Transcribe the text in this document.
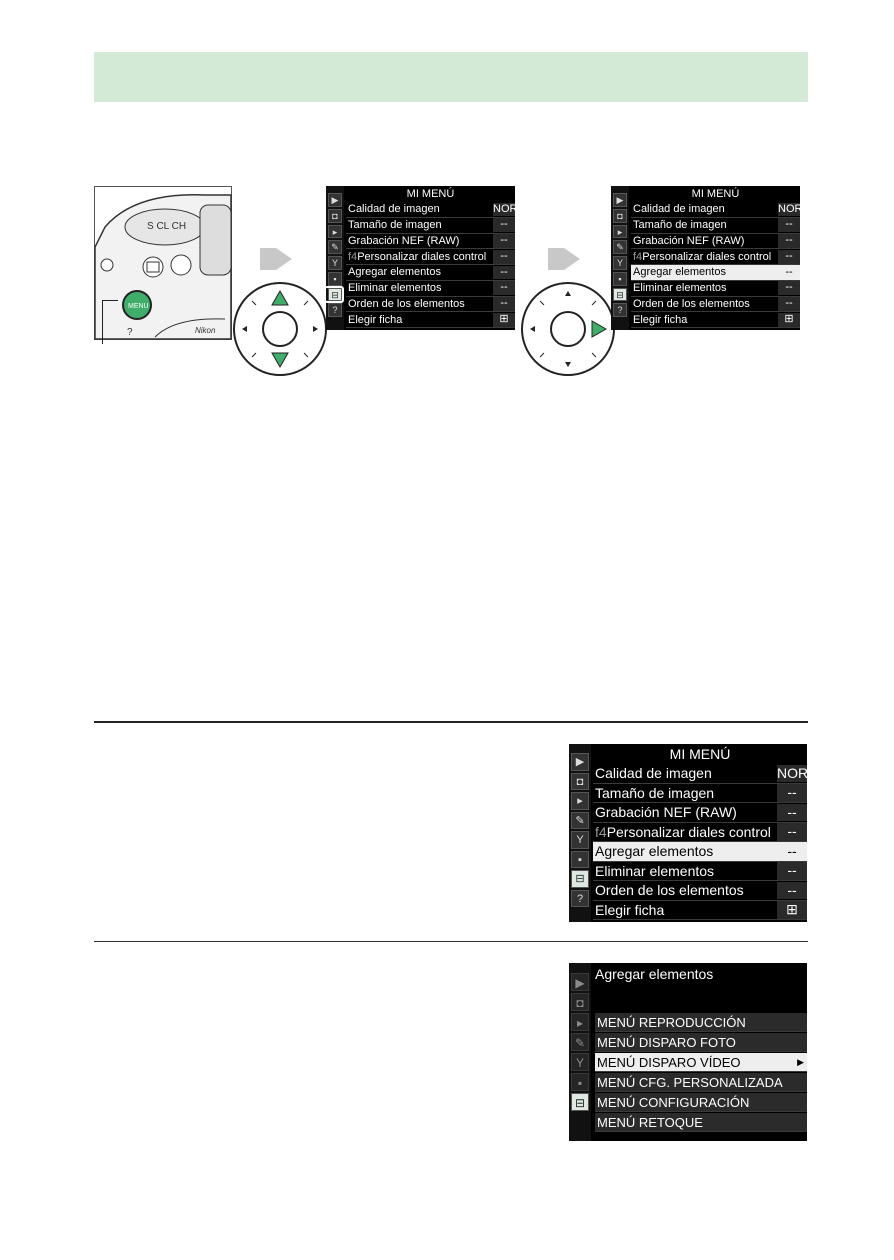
S CL CH
MENU
?	Nikon
▶
◘
▸
✎
Y
▪
⊟
?
MI MENÚ
Calidad de imagen	NORM
Tamaño de imagen	--
Grabación NEF (RAW)	--
f4Personalizar diales control	--
Agregar elementos	--
Eliminar elementos	--
Orden de los elementos	--
Elegir ficha	⊞
▶
◘
▸
✎
Y
▪
⊟
?
MI MENÚ
Calidad de imagen	NORM
Tamaño de imagen	--
Grabación NEF (RAW)	--
f4Personalizar diales control	--
Agregar elementos	--
Eliminar elementos	--
Orden de los elementos	--
Elegir ficha	⊞
▶
◘
▸
✎
Y
▪
⊟
?
MI MENÚ
Calidad de imagen	NORM
Tamaño de imagen	--
Grabación NEF (RAW)	--
f4Personalizar diales control	--
Agregar elementos	--
Eliminar elementos	--
Orden de los elementos	--
Elegir ficha	⊞
▶
◘
▸
✎
Y
▪
⊟
Agregar elementos
MENÚ REPRODUCCIÓN
MENÚ DISPARO FOTO
MENÚ DISPARO VÍDEO	▶
MENÚ CFG. PERSONALIZADA
MENÚ CONFIGURACIÓN
MENÚ RETOQUE
